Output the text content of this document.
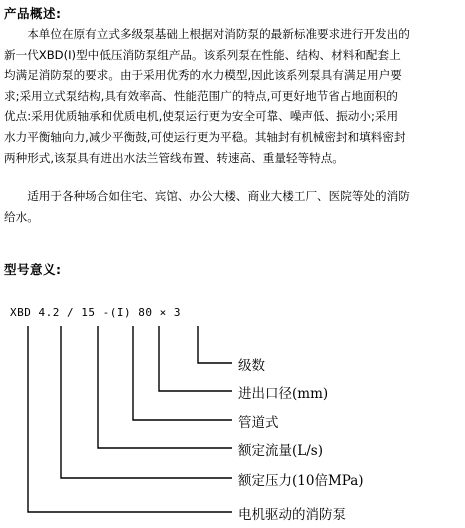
产品概述:
　　本单位在原有立式多级泵基础上根据对消防泵的最新标准要求进行开发出的
新一代XBD(I)型中低压消防泵组产品。该系列泵在性能、结构、材料和配套上
均满足消防泵的要求。由于采用优秀的水力模型,因此该系列泵具有满足用户要
求;采用立式泵结构,具有效率高、性能范围广的特点,可更好地节省占地面积的
优点:采用优质轴承和优质电机,使泵运行更为安全可靠、噪声低、振动小;采用
水力平衡轴向力,减少平衡鼓,可使运行更为平稳。其轴封有机械密封和填料密封
两种形式,该泵具有进出水法兰管线布置、转速高、重量轻等特点。
　　适用于各种场合如住宅、宾馆、办公大楼、商业大楼工厂、医院等处的消防
给水。
型号意义:
XBD 4.2 / 15 -(I) 80 × 3
级数
进出口径(mm)
管道式
额定流量(L/s)
额定压力(10倍MPa)
电机驱动的消防泵
